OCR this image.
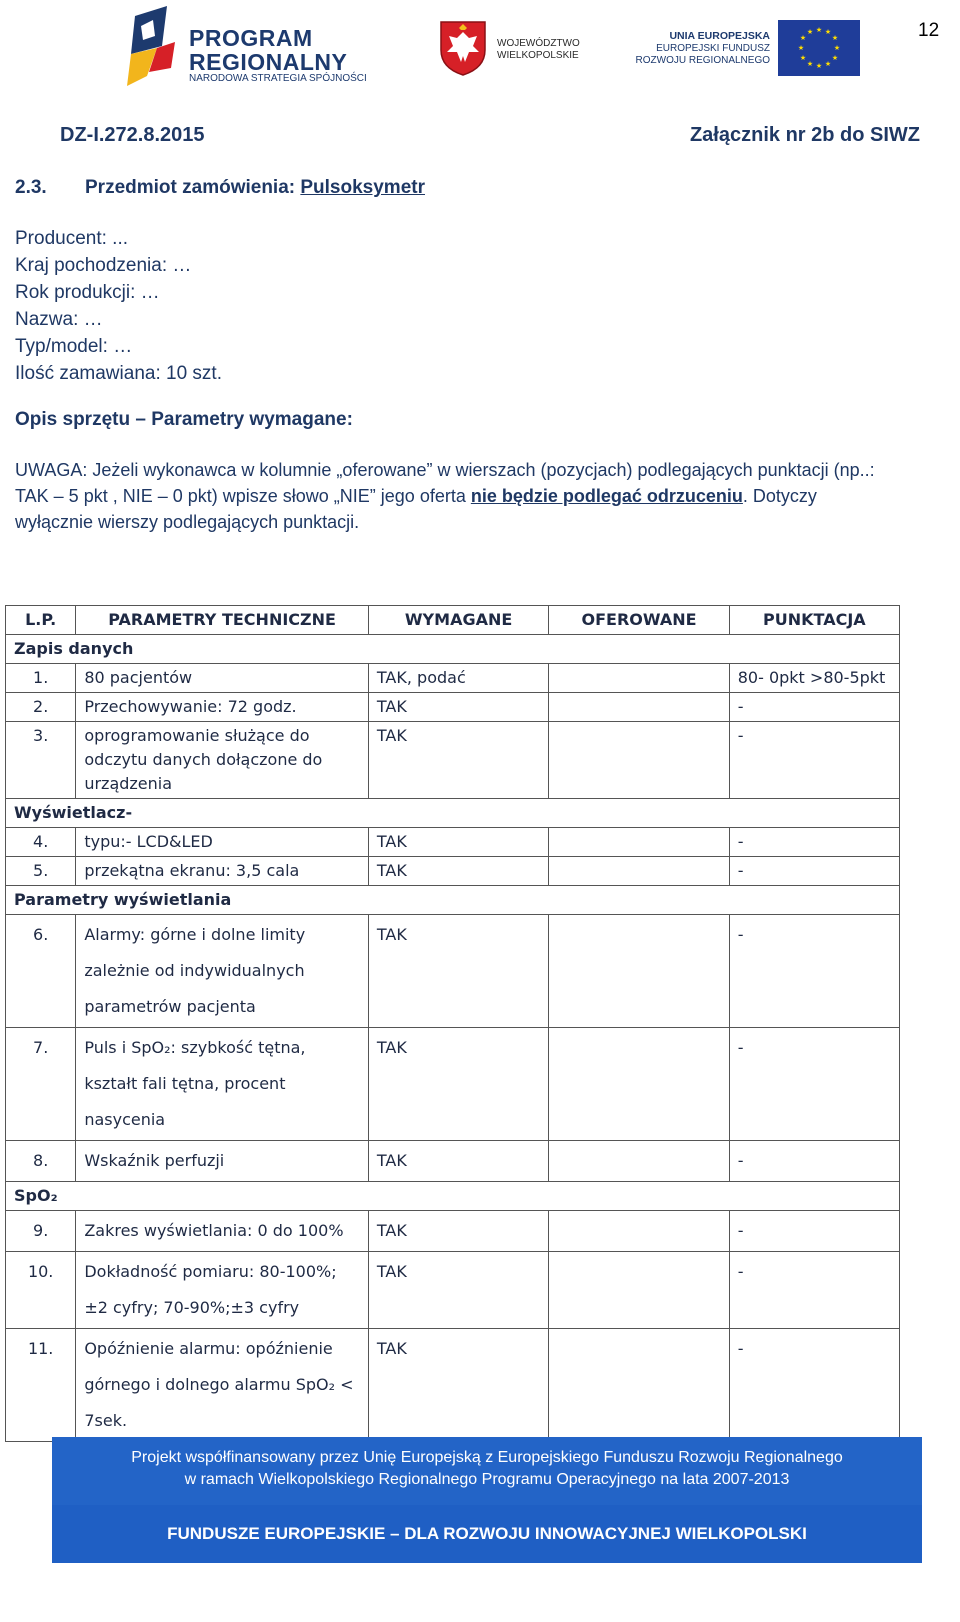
12
PROGRAM
REGIONALNY
NARODOWA STRATEGIA SPÓJNOŚCI
WOJEWÓDZTWO
WIELKOPOLSKIE
UNIA EUROPEJSKA
EUROPEJSKI FUNDUSZ
ROZWOJU REGIONALNEGO
★ ★
★
★
★
★
★
★
★
★
★
★
DZ-I.272.8.2015	Załącznik nr 2b do SIWZ
2.3. Przedmiot zamówienia: Pulsoksymetr
Producent: ...
Kraj pochodzenia: …
Rok produkcji: …
Nazwa: …
Typ/model: …
Ilość zamawiana: 10 szt.
Opis sprzętu – Parametry wymagane:
UWAGA: Jeżeli wykonawca w kolumnie „oferowane” w wierszach (pozycjach) podlegających punktacji (np..: TAK – 5 pkt , NIE – 0 pkt) wpisze słowo „NIE” jego oferta nie będzie podlegać odrzuceniu. Dotyczy wyłącznie wierszy podlegających punktacji.
L.P.	PARAMETRY TECHNICZNE	WYMAGANE	OFEROWANE	PUNKTACJA
Zapis danych				
1.	80 pacjentów	TAK, podać		80- 0pkt >80-5pkt
2.	Przechowywanie: 72 godz.	TAK		-
3.	oprogramowanie służące do odczytu danych dołączone do urządzenia	TAK		-
Wyświetlacz-				
4.	typu:- LCD&LED	TAK		-
5.	przekątna ekranu: 3,5 cala	TAK		-
Parametry wyświetlania				
6.	Alarmy: górne i dolne limity zależnie od indywidualnych parametrów pacjenta	TAK		-
7.	Puls i SpO₂: szybkość tętna, kształt fali tętna, procent nasycenia	TAK		-
8.	Wskaźnik perfuzji	TAK		-
SpO₂				
9.	Zakres wyświetlania: 0 do 100%	TAK		-
10.	Dokładność pomiaru: 80-100%; ±2 cyfry; 70-90%;±3 cyfry	TAK		-
11.	Opóźnienie alarmu: opóźnienie górnego i dolnego alarmu SpO₂ < 7sek.	TAK		-
Projekt współfinansowany przez Unię Europejską z Europejskiego Funduszu Rozwoju Regionalnego
w ramach Wielkopolskiego Regionalnego Programu Operacyjnego na lata 2007-2013
FUNDUSZE EUROPEJSKIE – DLA ROZWOJU INNOWACYJNEJ WIELKOPOLSKI
